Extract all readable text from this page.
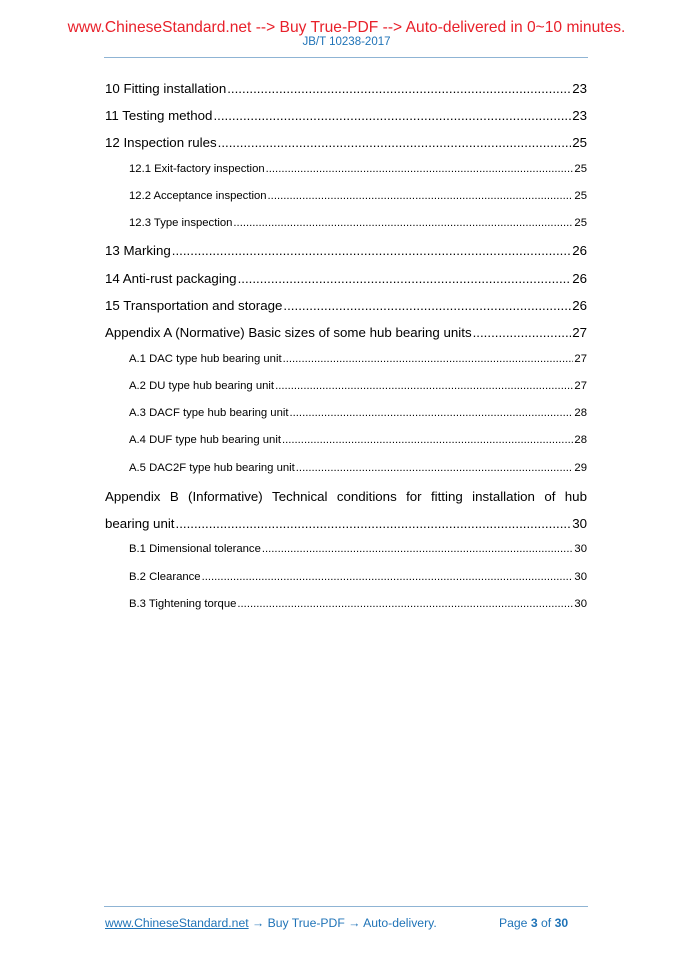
www.ChineseStandard.net --> Buy True-PDF --> Auto-delivered in 0~10 minutes.
JB/T 10238-2017
10 Fitting installation .....	23
11 Testing method .....	23
12 Inspection rules .....	25
12.1 Exit-factory inspection .....	25
12.2 Acceptance inspection .....	25
12.3 Type inspection .....	25
13 Marking .....	26
14 Anti-rust packaging .....	26
15 Transportation and storage .....	26
Appendix A (Normative) Basic sizes of some hub bearing units .....	27
A.1 DAC type hub bearing unit .....	27
A.2 DU type hub bearing unit .....	27
A.3 DACF type hub bearing unit .....	28
A.4 DUF type hub bearing unit .....	28
A.5 DAC2F type hub bearing unit .....	29
Appendix B (Informative) Technical conditions for fitting installation of hub
bearing unit .....	30
B.1 Dimensional tolerance .....	30
B.2 Clearance .....	30
B.3 Tightening torque .....	30
www.ChineseStandard.net → Buy True-PDF → Auto-delivery.	Page 3 of 30
